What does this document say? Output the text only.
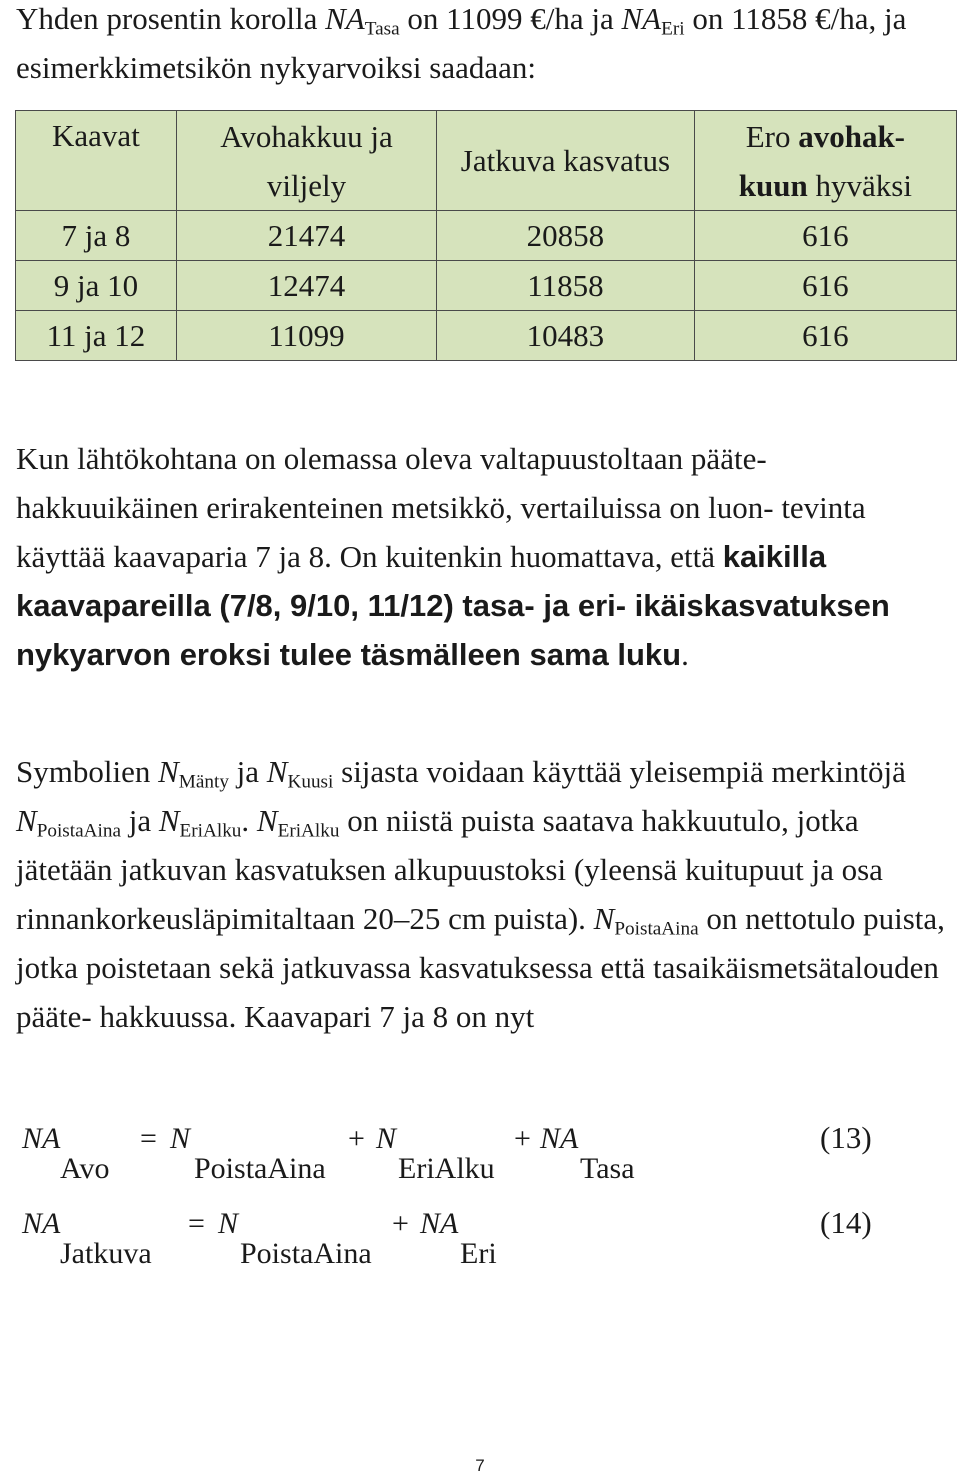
Yhden prosentin korolla $NA_{Tasa}$ on 11099 €/ha ja $NA_{Eri}$ on 11858 €/ha, ja esimerkkimetsikön nykyarvoiksi saadaan:
Kaavat	Avohakkuu ja viljely	Jatkuva kasvatus	Ero avohak-
kuun hyväksi
7 ja 8	21474	20858	616
9 ja 10	12474	11858	616
11 ja 12	11099	10483	616
Kun lähtökohtana on olemassa oleva valtapuustoltaan pääte- hakkuuikäinen erirakenteinen metsikkö, vertailuissa on luon- tevinta käyttää kaavaparia 7 ja 8. On kuitenkin huomattava, että kaikilla kaavapareilla (7/8, 9/10, 11/12) tasa- ja eri- ikäiskasvatuksen nykyarvon eroksi tulee täsmälleen sama luku.
Symbolien $N_{Mänty}$ ja $N_{Kuusi}$ sijasta voidaan käyttää yleisempiä merkintöjä $N_{PoistaAina}$ ja $N_{EriAlku}$. $N_{EriAlku}$ on niistä puista saatava hakkuutulo, jotka jätetään jatkuvan kasvatuksen alkupuustoksi (yleensä kuitupuut ja osa rinnankorkeusläpimitaltaan 20–25 cm puista). $N_{PoistaAina}$ on nettotulo puista, jotka poistetaan sekä jatkuvassa kasvatuksessa että tasaikäismetsätalouden pääte- hakkuussa. Kaavapari 7 ja 8 on nyt
NA
Avo
= N
PoistaAina
+ N
EriAlku
+ NA
Tasa
(13)
NA
Jatkuva
= N
PoistaAina
+ NA
Eri
(14)
7
